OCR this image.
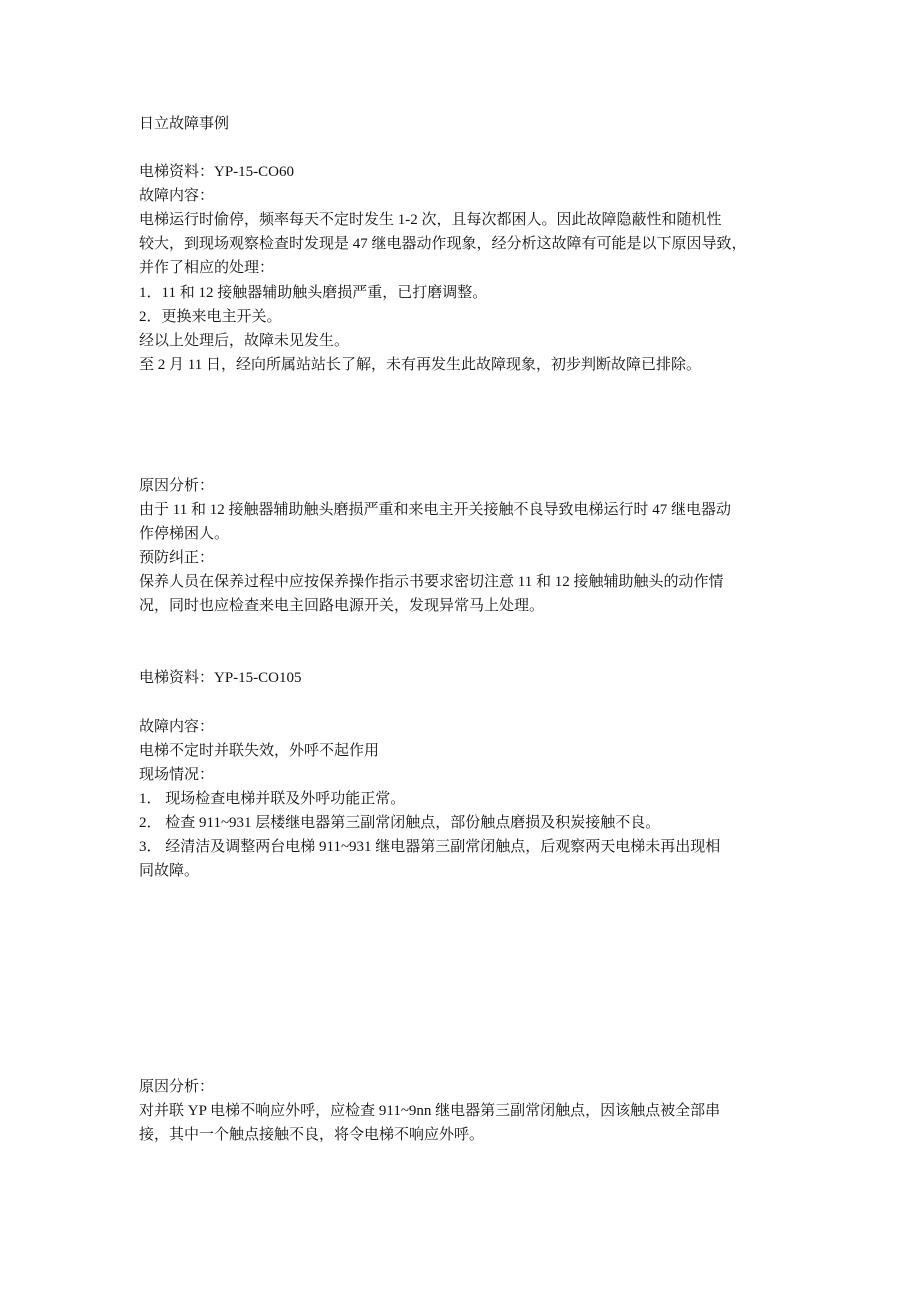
日立故障事例
电梯资料：YP-15-CO60
故障内容：
电梯运行时偷停，频率每天不定时发生 1-2 次，且每次都困人。因此故障隐蔽性和随机性
较大，到现场观察检查时发现是 47 继电器动作现象，经分析这故障有可能是以下原因导致，
并作了相应的处理：
1．11 和 12 接触器辅助触头磨损严重，已打磨调整。
2．更换来电主开关。
经以上处理后，故障未见发生。
至 2 月 11 日，经向所属站站长了解，未有再发生此故障现象，初步判断故障已排除。
原因分析：
由于 11 和 12 接触器辅助触头磨损严重和来电主开关接触不良导致电梯运行时 47 继电器动
作停梯困人。
预防纠正：
保养人员在保养过程中应按保养操作指示书要求密切注意 11 和 12 接触辅助触头的动作情
况，同时也应检查来电主回路电源开关，发现异常马上处理。
电梯资料：YP-15-CO105
故障内容：
电梯不定时并联失效，外呼不起作用
现场情况：
1． 现场检查电梯并联及外呼功能正常。
2． 检查 911~931 层楼继电器第三副常闭触点，部份触点磨损及积炭接触不良。
3． 经清洁及调整两台电梯 911~931 继电器第三副常闭触点，后观察两天电梯未再出现相
同故障。
原因分析：
对并联 YP 电梯不响应外呼，应检查 911~9nn 继电器第三副常闭触点，因该触点被全部串
接，其中一个触点接触不良，将令电梯不响应外呼。
